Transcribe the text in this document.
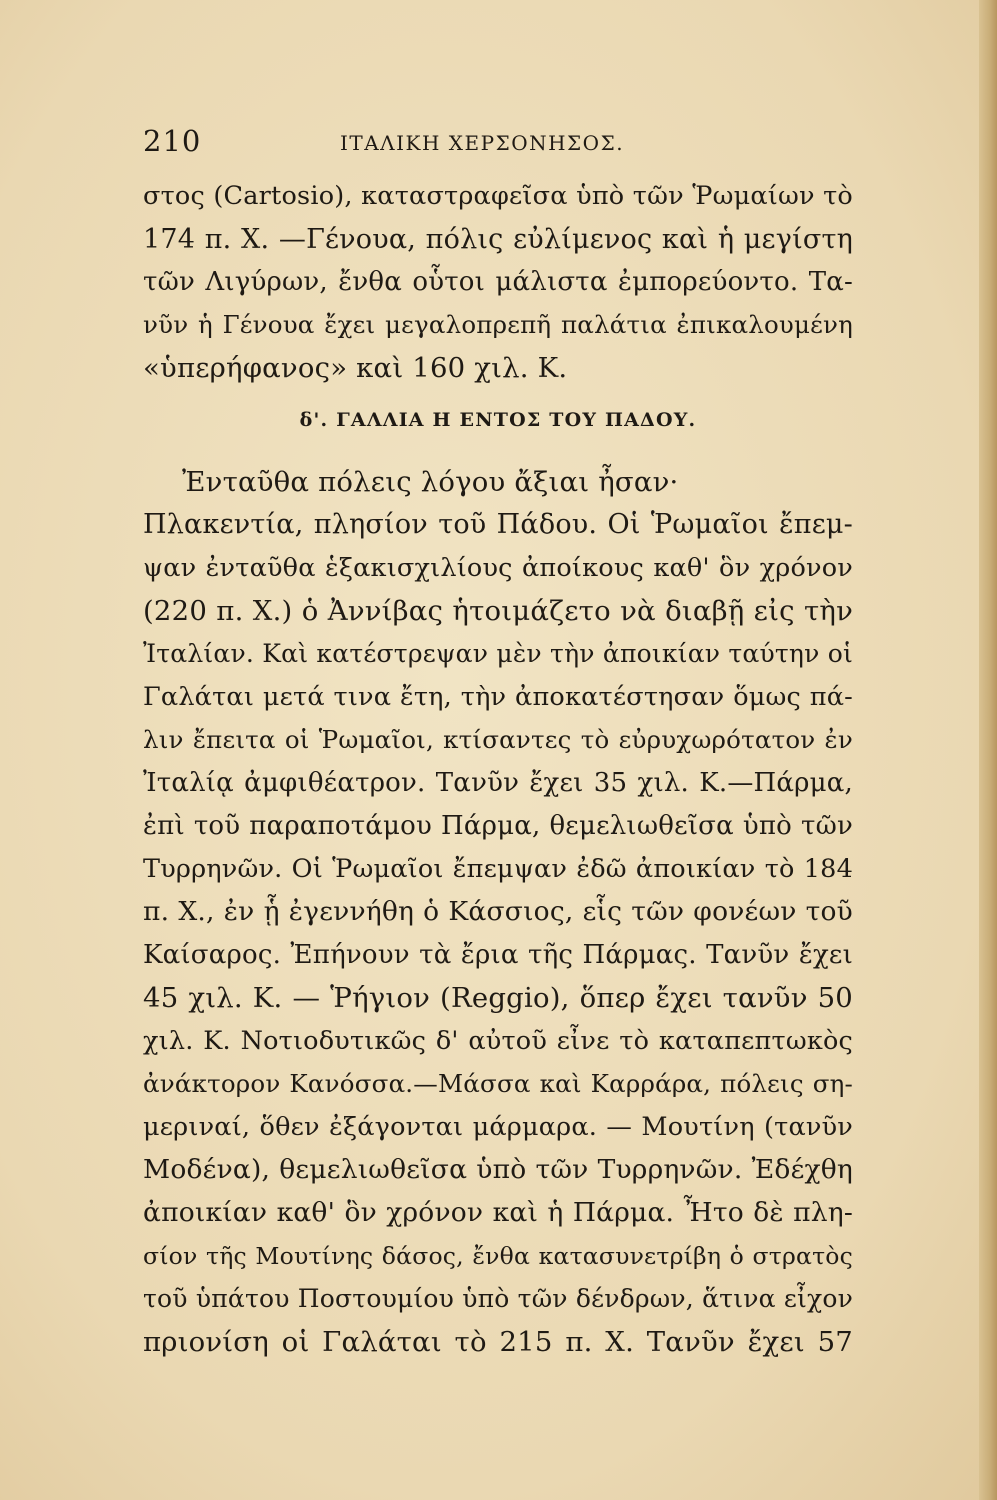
210	ΙΤΑΛΙΚΗ ΧΕΡΣΟΝΗΣΟΣ.
στος (Cartosio), καταστραφεῖσα ὑπὸ τῶν Ῥωμαίων τὸ
174 π. Χ. —Γένουα, πόλις εὐλίμενος καὶ ἡ μεγίστη
τῶν Λιγύρων, ἔνθα οὗτοι μάλιστα ἐμπορεύοντο. Τα-
νῦν ἡ Γένουα ἔχει μεγαλοπρεπῆ παλάτια ἐπικαλουμένη
«ὑπερήφανος» καὶ 160 χιλ. Κ.
δ'. ΓΑΛΛΙΑ Η ΕΝΤΟΣ ΤΟΥ ΠΑΔΟΥ.
Ἐνταῦθα πόλεις λόγου ἄξιαι ἦσαν·
Πλακεντία, πλησίον τοῦ Πάδου. Οἱ Ῥωμαῖοι ἔπεμ-
ψαν ἐνταῦθα ἑξακισχιλίους ἀποίκους καθ' ὃν χρόνον
(220 π. Χ.) ὁ Ἀννίβας ἡτοιμάζετο νὰ διαβῇ εἰς τὴν
Ἰταλίαν. Καὶ κατέστρεψαν μὲν τὴν ἀποικίαν ταύτην οἱ
Γαλάται μετά τινα ἔτη, τὴν ἀποκατέστησαν ὅμως πά-
λιν ἔπειτα οἱ Ῥωμαῖοι, κτίσαντες τὸ εὐρυχωρότατον ἐν
Ἰταλίᾳ ἀμφιθέατρον. Τανῦν ἔχει 35 χιλ. Κ.—Πάρμα,
ἐπὶ τοῦ παραποτάμου Πάρμα, θεμελιωθεῖσα ὑπὸ τῶν
Τυρρηνῶν. Οἱ Ῥωμαῖοι ἔπεμψαν ἐδῶ ἀποικίαν τὸ 184
π. Χ., ἐν ᾗ ἐγεννήθη ὁ Κάσσιος, εἷς τῶν φονέων τοῦ
Καίσαρος. Ἐπήνουν τὰ ἔρια τῆς Πάρμας. Τανῦν ἔχει
45 χιλ. Κ. — Ῥήγιον (Reggio), ὅπερ ἔχει τανῦν 50
χιλ. Κ. Νοτιοδυτικῶς δ' αὐτοῦ εἶνε τὸ καταπεπτωκὸς
ἀνάκτορον Κανόσσα.—Μάσσα καὶ Καρράρα, πόλεις ση-
μεριναί, ὅθεν ἐξάγονται μάρμαρα. — Μουτίνη (τανῦν
Μοδένα), θεμελιωθεῖσα ὑπὸ τῶν Τυρρηνῶν. Ἐδέχθη
ἀποικίαν καθ' ὃν χρόνον καὶ ἡ Πάρμα. Ἦτο δὲ πλη-
σίον τῆς Μουτίνης δάσος, ἔνθα κατασυνετρίβη ὁ στρατὸς
τοῦ ὑπάτου Ποστουμίου ὑπὸ τῶν δένδρων, ἅτινα εἶχον
πριονίση οἱ Γαλάται τὸ 215 π. Χ. Τανῦν ἔχει 57
